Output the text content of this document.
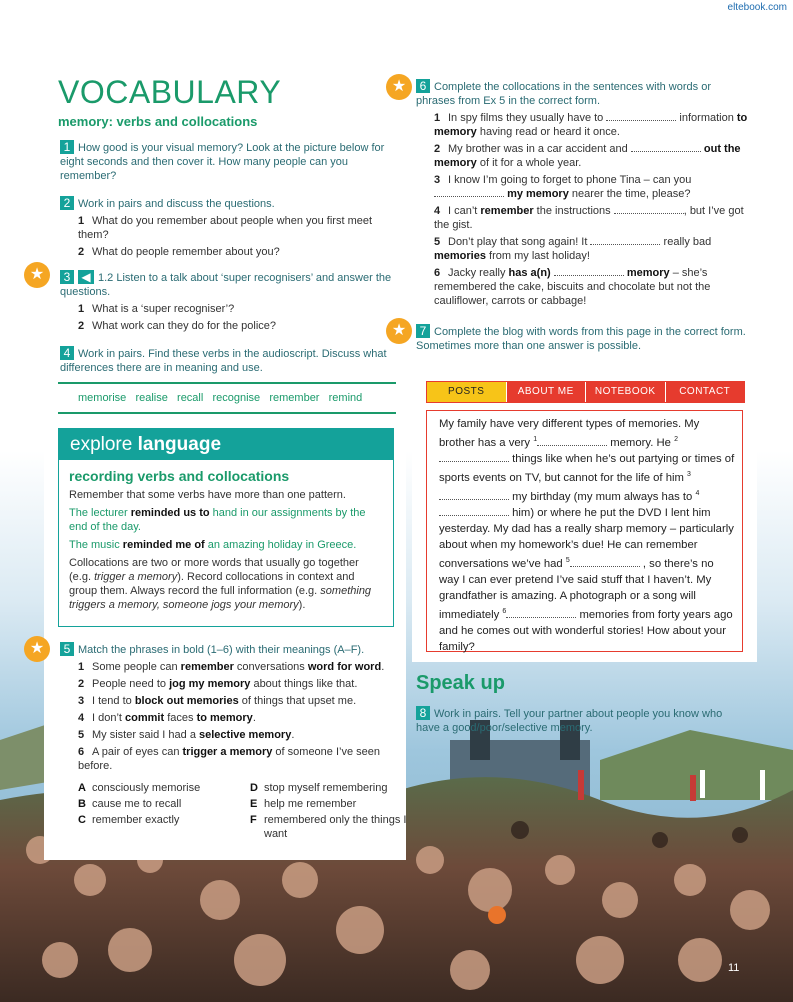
eltebook.com
VOCABULARY
memory: verbs and collocations
1 How good is your visual memory? Look at the picture below for eight seconds and then cover it. How many people can you remember?
2 Work in pairs and discuss the questions.

1 What do you remember about people when you first meet them?

2 What do people remember about you?

★	3 ◀ 1.2 Listen to a talk about ‘super recognisers’ and answer the questions.

1 What is a ‘super recogniser’?

2 What work can they do for the police?

4 Work in pairs. Find these verbs in the audioscript. Discuss what differences there are in meaning and use.
memorise   realise   recall   recognise   remember   remind
explore language
recording verbs and collocations
Remember that some verbs have more than one pattern.
The lecturer reminded us to hand in our assignments by the end of the day.
The music reminded me of an amazing holiday in Greece.
Collocations are two or more words that usually go together (e.g. trigger a memory). Record collocations in context and group them. Always record the full information (e.g. something triggers a memory, someone jogs your memory).
★	5 Match the phrases in bold (1–6) with their meanings (A–F).

1 Some people can remember conversations word for word.

2 People need to jog my memory about things like that.

3 I tend to block out memories of things that upset me.

4 I don’t commit faces to memory.

5 My sister said I had a selective memory.

6 A pair of eyes can trigger a memory of someone I’ve seen before.

A consciously memorise	D stop myself remembering
B cause me to recall	E help me remember
C remember exactly	F remembered only the things I want
★	6 Complete the collocations in the sentences with words or phrases from Ex 5 in the correct form.

1 In spy films they usually have to	information to memory having read or heard it once.

2 My brother was in a car accident and	out the memory of it for a whole year.

3 I know I’m going to forget to phone Tina – can you  my memory nearer the time, please?

4 I can’t remember the instructions	, but I’ve got the gist.

5 Don’t play that song again! It	really bad memories from my last holiday!

6 Jacky really has a(n)	memory – she’s remembered the cake, biscuits and chocolate but not the cauliflower, carrots or cabbage!

★	7 Complete the blog with words from this page in the correct form. Sometimes more than one answer is possible.
POSTS	ABOUT ME	NOTEBOOK	CONTACT
My family have very different types of memories. My brother has a very $^1$	memory. He $^2$ things like when he’s out partying or times of sports events on TV, but cannot for the life of him $^3$ my birthday (my mum always has to $^4$ him) or where he put the DVD I lent him yesterday. My dad has a really sharp memory – particularly about when my homework’s due! He can remember conversations we’ve had $^5$	, so there’s no way I can ever pretend I’ve said stuff that I haven’t. My grandfather is amazing. A photograph or a song will immediately $^6$	memories from forty years ago and he comes out with wonderful stories! How about your family?
Speak up
8 Work in pairs. Tell your partner about people you know who have a good/poor/selective memory.
11
